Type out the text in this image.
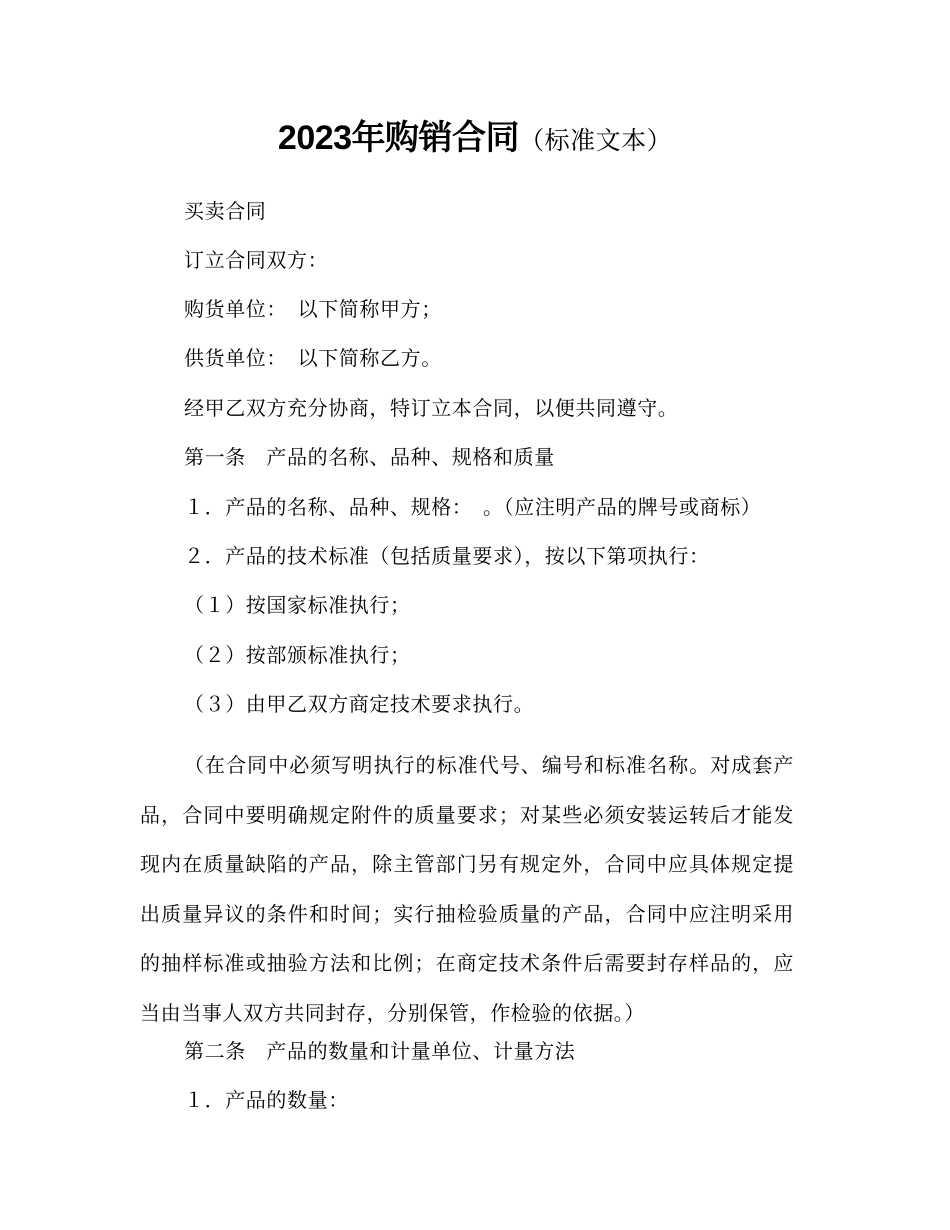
2023年购销合同（标准文本）
买卖合同
订立合同双方：
购货单位：　以下简称甲方；
供货单位：　以下简称乙方。
经甲乙双方充分协商，特订立本合同，以便共同遵守。
第一条　产品的名称、品种、规格和质量
１．产品的名称、品种、规格：　。（应注明产品的牌号或商标）
２．产品的技术标准（包括质量要求），按以下第项执行：
（１）按国家标准执行；
（２）按部颁标准执行；
（３）由甲乙双方商定技术要求执行。
（在合同中必须写明执行的标准代号、编号和标准名称。对成套产品，合同中要明确规定附件的质量要求；对某些必须安装运转后才能发现内在质量缺陷的产品，除主管部门另有规定外，合同中应具体规定提出质量异议的条件和时间；实行抽检验质量的产品，合同中应注明采用的抽样标准或抽验方法和比例；在商定技术条件后需要封存样品的，应当由当事人双方共同封存，分别保管，作检验的依据。）
第二条　产品的数量和计量单位、计量方法
１．产品的数量：
